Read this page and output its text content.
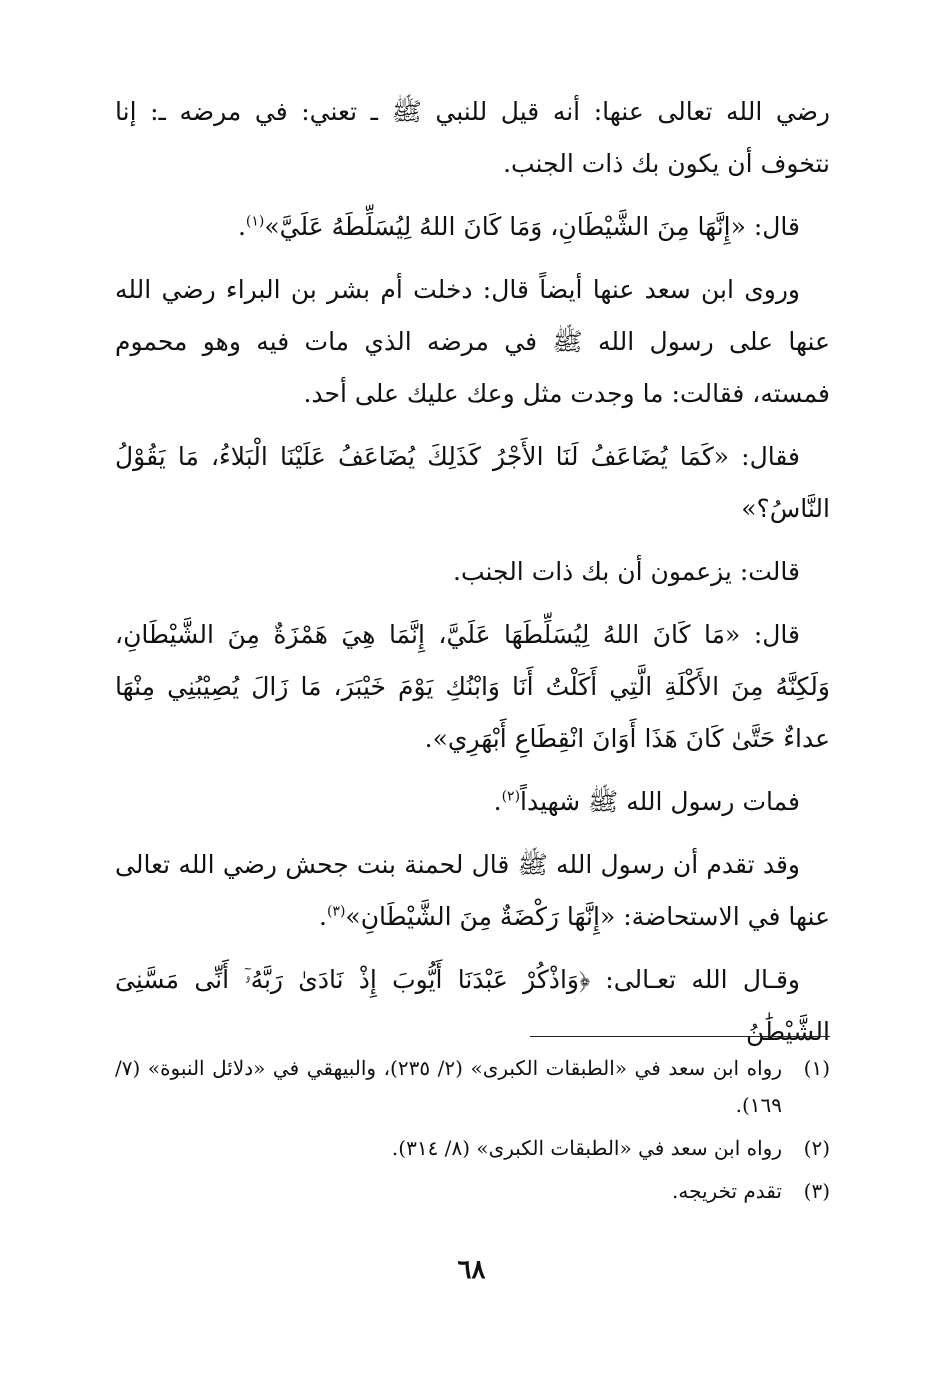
رضي الله تعالى عنها: أنه قيل للنبي ﷺ ـ تعني: في مرضه ـ: إنا نتخوف أن يكون بك ذات الجنب.

قال: «إِنَّهَا مِنَ الشَّيْطَانِ، وَمَا كَانَ اللهُ لِيُسَلِّطَهُ عَلَيَّ»$^{(١)}$.

وروى ابن سعد عنها أيضاً قال: دخلت أم بشر بن البراء رضي الله عنها على رسول الله ﷺ في مرضه الذي مات فيه وهو محموم فمسته، فقالت: ما وجدت مثل وعك عليك على أحد.

فقال: «كَمَا يُضَاعَفُ لَنَا الأَجْرُ كَذَلِكَ يُضَاعَفُ عَلَيْنَا الْبَلاءُ، مَا يَقُوْلُ النَّاسُ؟»

قالت: يزعمون أن بك ذات الجنب.

قال: «مَا كَانَ اللهُ لِيُسَلِّطَهَا عَلَيَّ، إِنَّمَا هِيَ هَمْزَةٌ مِنَ الشَّيْطَانِ، وَلَكِنَّهُ مِنَ الأَكْلَةِ الَّتِي أَكَلْتُ أَنَا وَابْنُكِ يَوْمَ خَيْبَرَ، مَا زَالَ يُصِيْبُنِي مِنْهَا عداءٌ حَتَّىٰ كَانَ هَذَا أَوَانَ انْقِطَاعِ أَبْهَرِي».

فمات رسول الله ﷺ شهيداً$^{(٢)}$.

وقد تقدم أن رسول الله ﷺ قال لحمنة بنت جحش رضي الله تعالى عنها في الاستحاضة: «إِنَّهَا رَكْضَةٌ مِنَ الشَّيْطَانِ»$^{(٣)}$.

وقـال الله تعـالى: ﴿وَاذْكُرْ عَبْدَنَا أَيُّوبَ إِذْ نَادَىٰ رَبَّهُۥٓ أَنِّى مَسَّنِىَ الشَّيْطَٰنُ

(١)
رواه ابن سعد في «الطبقات الكبرى» (٢/ ٢٣٥)، والبيهقي في «دلائل النبوة» (٧/ ١٦٩).
(٢)
رواه ابن سعد في «الطبقات الكبرى» (٨/ ٣١٤).
(٣)
تقدم تخريجه.
٦٨
